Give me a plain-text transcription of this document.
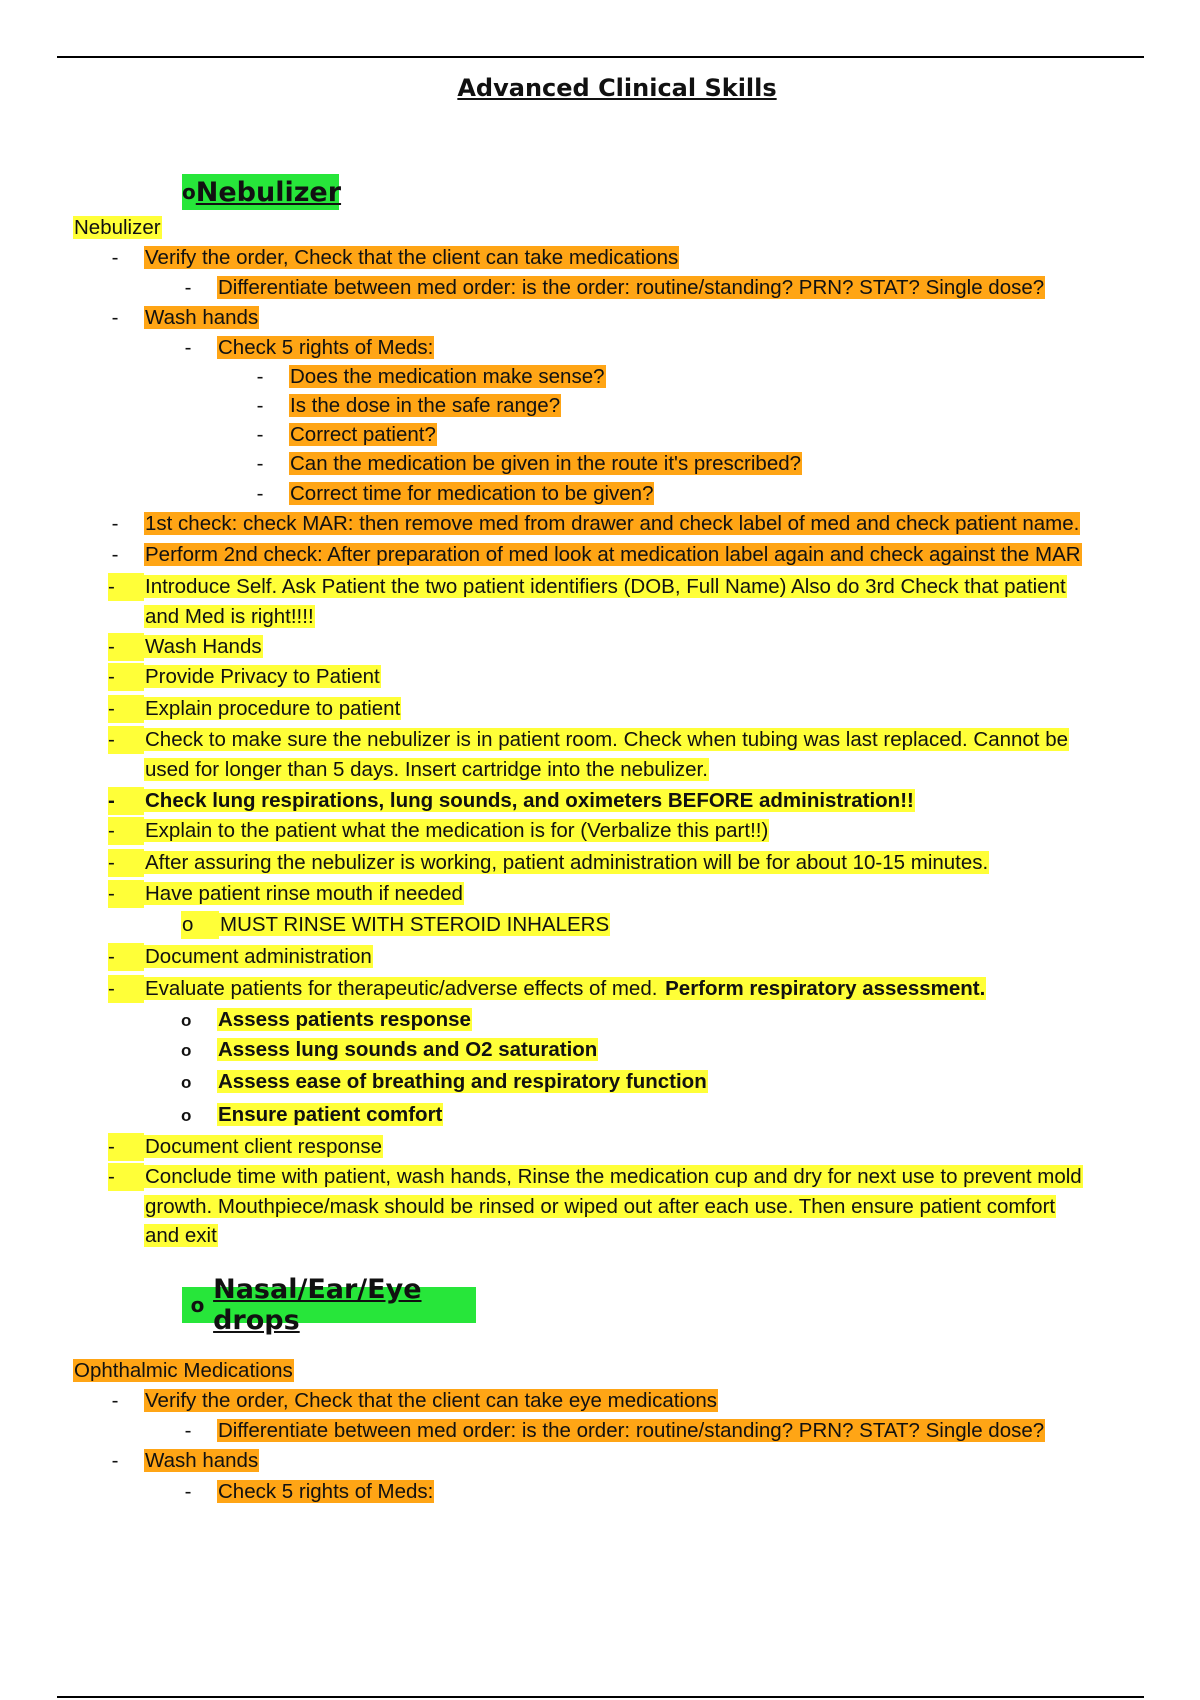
Advanced Clinical Skills
o Nebulizer
Nebulizer
- Verify the order, Check that the client can take medications
- Differentiate between med order: is the order: routine/standing? PRN? STAT? Single dose?
- Wash hands
- Check 5 rights of Meds:
- Does the medication make sense?
- Is the dose in the safe range?
- Correct patient?
- Can the medication be given in the route it's prescribed?
- Correct time for medication to be given?
- 1st check: check MAR: then remove med from drawer and check label of med and check patient name.
- Perform 2nd check: After preparation of med look at medication label again and check against the MAR
-	Introduce Self. Ask Patient the two patient identifiers (DOB, Full Name) Also do 3rd Check that patient
and Med is right!!!!
-	Wash Hands
-	Provide Privacy to Patient
-	Explain procedure to patient
-	Check to make sure the nebulizer is in patient room. Check when tubing was last replaced. Cannot be
used for longer than 5 days. Insert cartridge into the nebulizer.
-	Check lung respirations, lung sounds, and oximeters BEFORE administration!!
-	Explain to the patient what the medication is for (Verbalize this part!!)
-	After assuring the nebulizer is working, patient administration will be for about 10-15 minutes.
-	Have patient rinse mouth if needed
o MUST RINSE WITH STEROID INHALERS
-	Document administration
-	Evaluate patients for therapeutic/adverse effects of med. Perform respiratory assessment.
o Assess patients response
o Assess lung sounds and O2 saturation
o Assess ease of breathing and respiratory function
o Ensure patient comfort
-	Document client response
-	Conclude time with patient, wash hands, Rinse the medication cup and dry for next use to prevent mold
growth. Mouthpiece/mask should be rinsed or wiped out after each use. Then ensure patient comfort
and exit
o Nasal/Ear/Eye drops
Ophthalmic Medications
- Verify the order, Check that the client can take eye medications
- Differentiate between med order: is the order: routine/standing? PRN? STAT? Single dose?
- Wash hands
- Check 5 rights of Meds:
